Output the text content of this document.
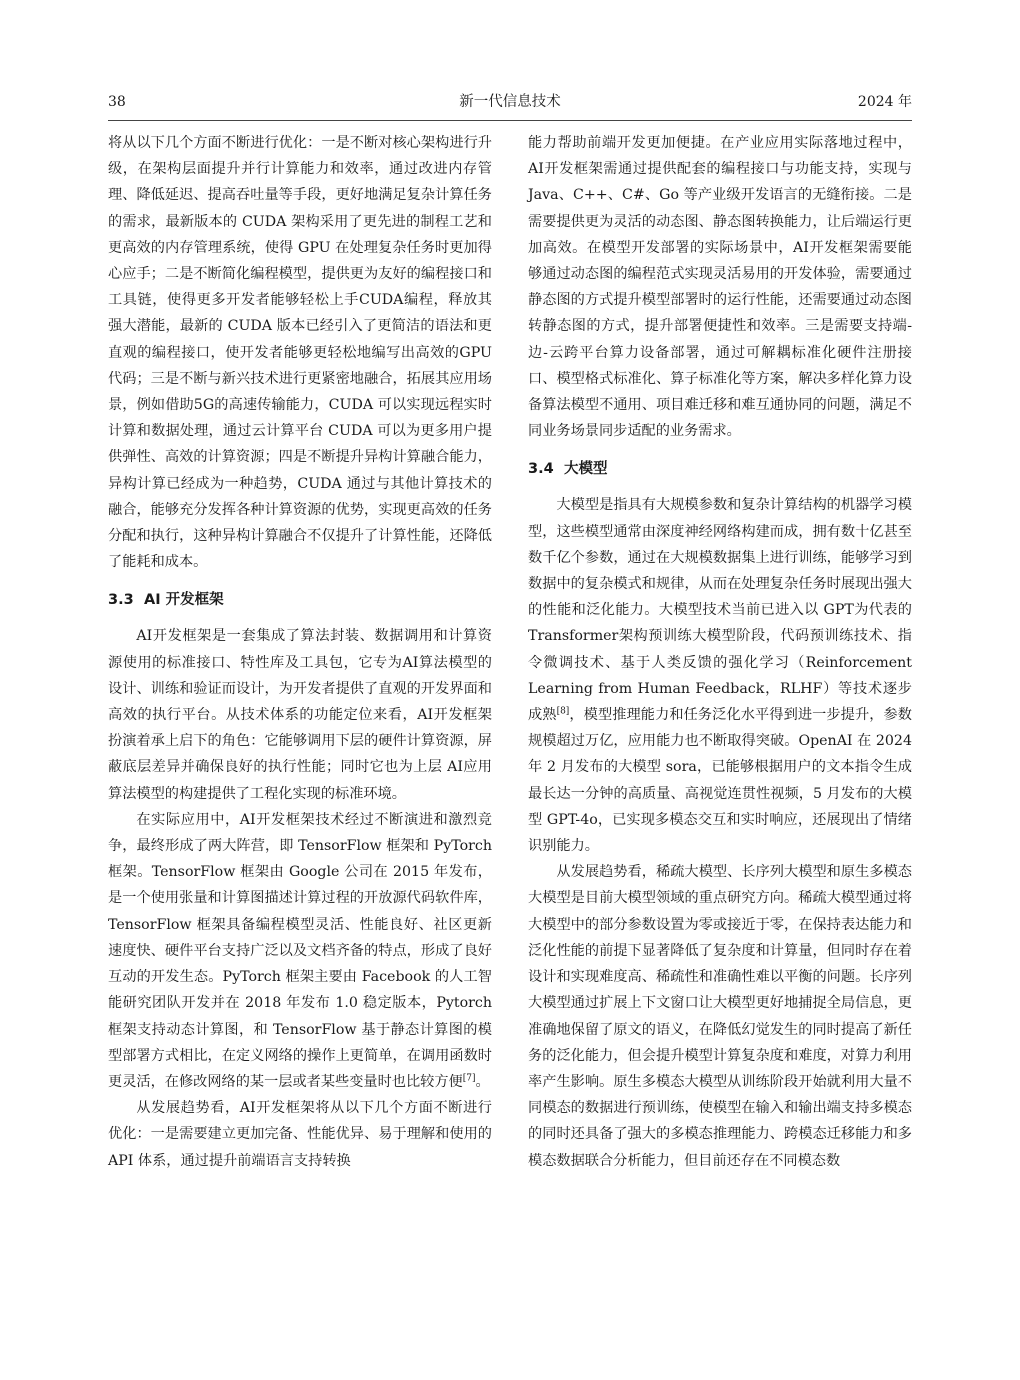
38	新一代信息技术	2024 年

将从以下几个方面不断进行优化：一是不断对核心架构进行升级，在架构层面提升并行计算能力和效率，通过改进内存管理、降低延迟、提高吞吐量等手段，更好地满足复杂计算任务的需求，最新版本的 CUDA 架构采用了更先进的制程工艺和更高效的内存管理系统，使得 GPU 在处理复杂任务时更加得心应手；二是不断简化编程模型，提供更为友好的编程接口和工具链，使得更多开发者能够轻松上手CUDA编程，释放其强大潜能，最新的 CUDA 版本已经引入了更简洁的语法和更直观的编程接口，使开发者能够更轻松地编写出高效的GPU代码；三是不断与新兴技术进行更紧密地融合，拓展其应用场景，例如借助5G的高速传输能力，CUDA 可以实现远程实时计算和数据处理，通过云计算平台 CUDA 可以为更多用户提供弹性、高效的计算资源；四是不断提升异构计算融合能力，异构计算已经成为一种趋势，CUDA 通过与其他计算技术的融合，能够充分发挥各种计算资源的优势，实现更高效的任务分配和执行，这种异构计算融合不仅提升了计算性能，还降低了能耗和成本。

3.3 AI 开发框架

AI开发框架是一套集成了算法封装、数据调用和计算资源使用的标准接口、特性库及工具包，它专为AI算法模型的设计、训练和验证而设计，为开发者提供了直观的开发界面和高效的执行平台。从技术体系的功能定位来看，AI开发框架扮演着承上启下的角色：它能够调用下层的硬件计算资源，屏蔽底层差异并确保良好的执行性能；同时它也为上层 AI应用算法模型的构建提供了工程化实现的标准环境。

在实际应用中，AI开发框架技术经过不断演进和激烈竞争，最终形成了两大阵营，即 TensorFlow 框架和 PyTorch 框架。TensorFlow 框架由 Google 公司在 2015 年发布，是一个使用张量和计算图描述计算过程的开放源代码软件库，TensorFlow 框架具备编程模型灵活、性能良好、社区更新速度快、硬件平台支持广泛以及文档齐备的特点，形成了良好互动的开发生态。PyTorch 框架主要由 Facebook 的人工智能研究团队开发并在 2018 年发布 1.0 稳定版本，Pytorch 框架支持动态计算图，和 TensorFlow 基于静态计算图的模型部署方式相比，在定义网络的操作上更简单，在调用函数时更灵活，在修改网络的某一层或者某些变量时也比较方便[7]。

从发展趋势看，AI开发框架将从以下几个方面不断进行优化：一是需要建立更加完备、性能优异、易于理解和使用的 API 体系，通过提升前端语言支持转换

能力帮助前端开发更加便捷。在产业应用实际落地过程中，AI开发框架需通过提供配套的编程接口与功能支持，实现与 Java、C++、C#、Go 等产业级开发语言的无缝衔接。二是需要提供更为灵活的动态图、静态图转换能力，让后端运行更加高效。在模型开发部署的实际场景中，AI开发框架需要能够通过动态图的编程范式实现灵活易用的开发体验，需要通过静态图的方式提升模型部署时的运行性能，还需要通过动态图转静态图的方式，提升部署便捷性和效率。三是需要支持端-边-云跨平台算力设备部署，通过可解耦标准化硬件注册接口、模型格式标准化、算子标准化等方案，解决多样化算力设备算法模型不通用、项目难迁移和难互通协同的问题，满足不同业务场景同步适配的业务需求。

3.4 大模型

大模型是指具有大规模参数和复杂计算结构的机器学习模型，这些模型通常由深度神经网络构建而成，拥有数十亿甚至数千亿个参数，通过在大规模数据集上进行训练，能够学习到数据中的复杂模式和规律，从而在处理复杂任务时展现出强大的性能和泛化能力。大模型技术当前已进入以 GPT为代表的 Transformer架构预训练大模型阶段，代码预训练技术、指令微调技术、基于人类反馈的强化学习（Reinforcement Learning from Human Feedback，RLHF）等技术逐步成熟[8]，模型推理能力和任务泛化水平得到进一步提升，参数规模超过万亿，应用能力也不断取得突破。OpenAI 在 2024 年 2 月发布的大模型 sora，已能够根据用户的文本指令生成最长达一分钟的高质量、高视觉连贯性视频，5 月发布的大模型 GPT-4o，已实现多模态交互和实时响应，还展现出了情绪识别能力。

从发展趋势看，稀疏大模型、长序列大模型和原生多模态大模型是目前大模型领域的重点研究方向。稀疏大模型通过将大模型中的部分参数设置为零或接近于零，在保持表达能力和泛化性能的前提下显著降低了复杂度和计算量，但同时存在着设计和实现难度高、稀疏性和准确性难以平衡的问题。长序列大模型通过扩展上下文窗口让大模型更好地捕捉全局信息，更准确地保留了原文的语义，在降低幻觉发生的同时提高了新任务的泛化能力，但会提升模型计算复杂度和难度，对算力利用率产生影响。原生多模态大模型从训练阶段开始就利用大量不同模态的数据进行预训练，使模型在输入和输出端支持多模态的同时还具备了强大的多模态推理能力、跨模态迁移能力和多模态数据联合分析能力，但目前还存在不同模态数
